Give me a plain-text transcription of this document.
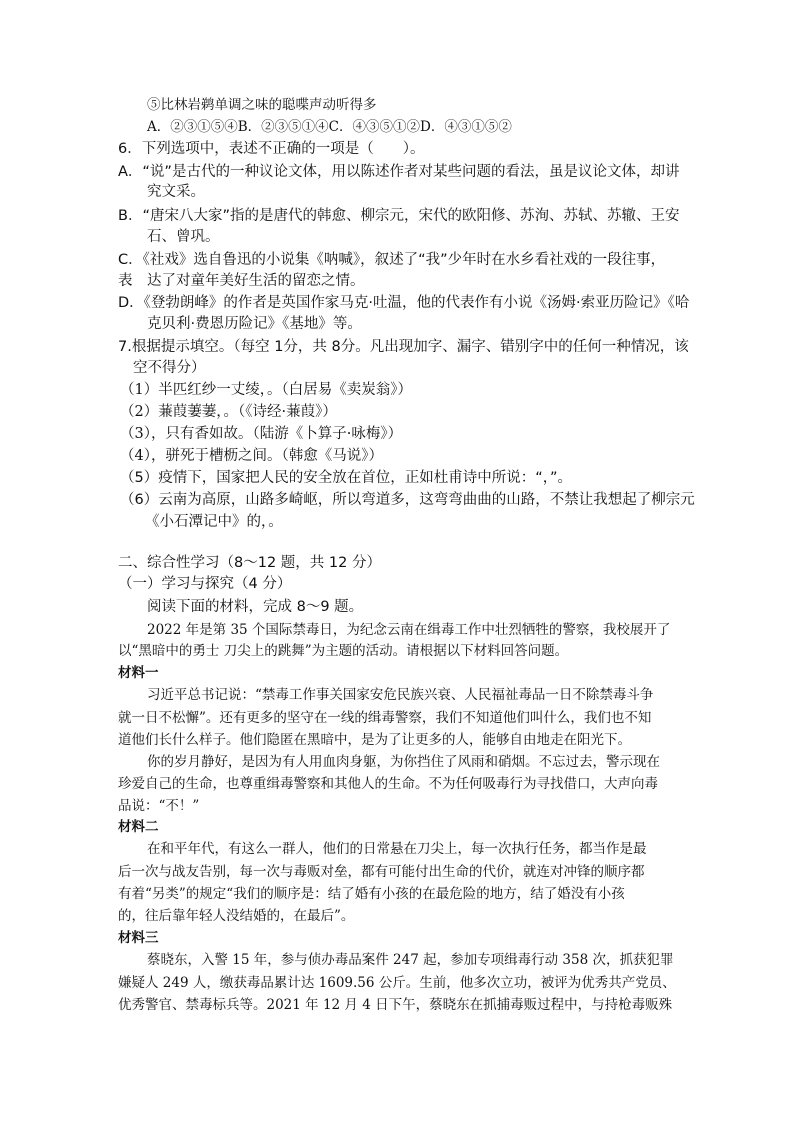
⑤比林岩鹈单调之味的聪喋声动听得多
A．②③①⑤④B．②③⑤①④C．④③⑤①②D．④③①⑤②
6．下列选项中，表述不正确的一项是（　　）。
A．“说”是古代的一种议论文体，用以陈述作者对某些问题的看法，虽是议论文体，却讲
究文采。
B．“唐宋八大家”指的是唐代的韩愈、柳宗元，宋代的欧阳修、苏洵、苏轼、苏辙、王安
石、曾巩。
C．《社戏》选自鲁迅的小说集《呐喊》，叙述了“我”少年时在水乡看社戏的一段往事，
表　达了对童年美好生活的留恋之情。
D．《登勃朗峰》的作者是英国作家马克·吐温，他的代表作有小说《汤姆·索亚历险记》《哈
克贝利·费恩历险记》《基地》等。
7.根据提示填空。（每空 1分，共 8分。凡出现加字、漏字、错别字中的任何一种情况，该
空不得分）
（1）半匹红纱一丈绫，。（白居易《卖炭翁》）
（2）蒹葭萋萋，。（《诗经·蒹葭》）
（3），只有香如故。（陆游《卜算子·咏梅》）
（4），骈死于槽枥之间。（韩愈《马说》）
（5）疫情下，国家把人民的安全放在首位，正如杜甫诗中所说：“，”。
（6）云南为高原，山路多崎岖，所以弯道多，这弯弯曲曲的山路，不禁让我想起了柳宗元
《小石潭记中》的，。
二、综合性学习（8～12 题，共 12 分）
（一）学习与探究（4 分）
阅读下面的材料，完成 8～9 题。
2022 年是第 35 个国际禁毒日，为纪念云南在缉毒工作中壮烈牺牲的警察，我校展开了
以“黑暗中的勇士 刀尖上的跳舞”为主题的活动。请根据以下材料回答问题。
材料一
习近平总书记说：“禁毒工作事关国家安危民族兴衰、人民福祉毒品一日不除禁毒斗争
就一日不松懈”。还有更多的坚守在一线的缉毒警察，我们不知道他们叫什么，我们也不知
道他们长什么样子。他们隐匿在黑暗中，是为了让更多的人，能够自由地走在阳光下。
你的岁月静好，是因为有人用血肉身躯，为你挡住了风雨和硝烟。不忘过去，警示现在
珍爱自己的生命，也尊重缉毒警察和其他人的生命。不为任何吸毒行为寻找借口，大声向毒
品说：“不！”
材料二
在和平年代，有这么一群人，他们的日常悬在刀尖上，每一次执行任务，都当作是最
后一次与战友告别，每一次与毒贩对垒，都有可能付出生命的代价，就连对冲锋的顺序都
有着“另类”的规定“我们的顺序是：结了婚有小孩的在最危险的地方，结了婚没有小孩
的，往后靠年轻人没结婚的，在最后”。
材料三
蔡晓东，入警 15 年，参与侦办毒品案件 247 起，参加专项缉毒行动 358 次，抓获犯罪
嫌疑人 249 人，缴获毒品累计达 1609.56 公斤。生前，他多次立功，被评为优秀共产党员、
优秀警官、禁毒标兵等。2021 年 12 月 4 日下午，蔡晓东在抓捕毒贩过程中，与持枪毒贩殊
